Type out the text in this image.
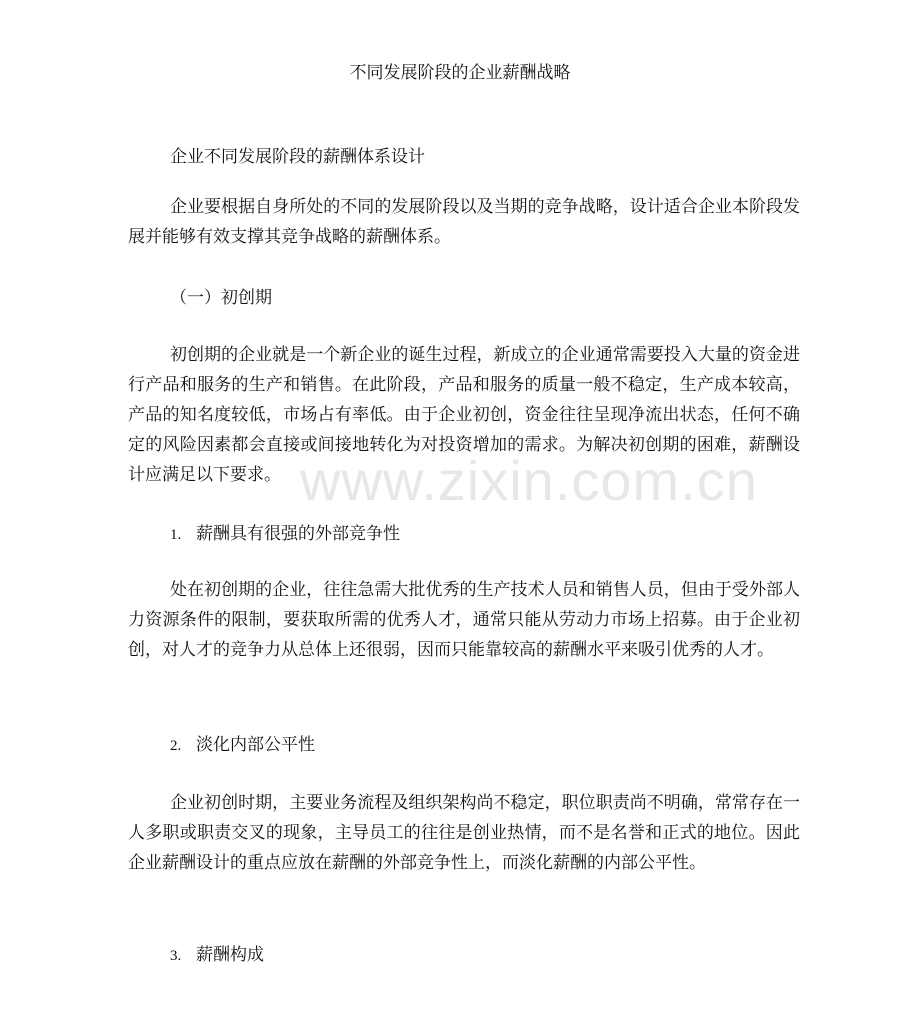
不同发展阶段的企业薪酬战略
企业不同发展阶段的薪酬体系设计
企业要根据自身所处的不同的发展阶段以及当期的竞争战略，设计适合企业本阶段发展并能够有效支撑其竞争战略的薪酬体系。
（一）初创期
初创期的企业就是一个新企业的诞生过程，新成立的企业通常需要投入大量的资金进行产品和服务的生产和销售。在此阶段，产品和服务的质量一般不稳定，生产成本较高，产品的知名度较低，市场占有率低。由于企业初创，资金往往呈现净流出状态，任何不确定的风险因素都会直接或间接地转化为对投资增加的需求。为解决初创期的困难，薪酬设计应满足以下要求。
1. 薪酬具有很强的外部竞争性
处在初创期的企业，往往急需大批优秀的生产技术人员和销售人员，但由于受外部人力资源条件的限制，要获取所需的优秀人才，通常只能从劳动力市场上招募。由于企业初创，对人才的竞争力从总体上还很弱，因而只能靠较高的薪酬水平来吸引优秀的人才。
2. 淡化内部公平性
企业初创时期，主要业务流程及组织架构尚不稳定，职位职责尚不明确，常常存在一人多职或职责交叉的现象，主导员工的往往是创业热情，而不是名誉和正式的地位。因此企业薪酬设计的重点应放在薪酬的外部竞争性上，而淡化薪酬的内部公平性。
3. 薪酬构成
www.zixin.com.cn
